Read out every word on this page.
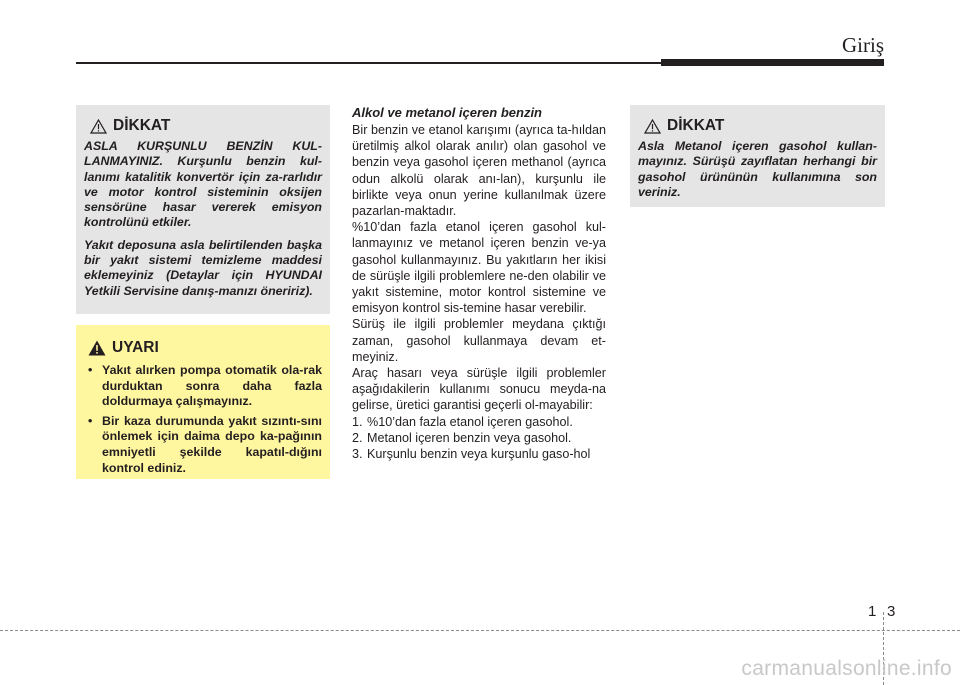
Giriş
DİKKAT

ASLA KURŞUNLU BENZİN KUL-LANMAYINIZ. Kurşunlu benzin kul-lanımı katalitik konvertör için za-rarlıdır ve motor kontrol sisteminin oksijen sensörüne hasar vererek emisyon kontrolünü etkiler.

Yakıt deposuna asla belirtilenden başka bir yakıt sistemi temizleme maddesi eklemeyiniz (Detaylar için HYUNDAI Yetkili Servisine danış-manızı öneririz).

UYARI
• Yakıt alırken pompa otomatik ola-rak durduktan sonra daha fazla doldurmaya çalışmayınız.
• Bir kaza durumunda yakıt sızıntı-sını önlemek için daima depo ka-pağının emniyetli şekilde kapatıl-dığını kontrol ediniz.
Alkol ve metanol içeren benzin

Bir benzin ve etanol karışımı (ayrıca ta-hıldan üretilmiş alkol olarak anılır) olan gasohol ve benzin veya gasohol içeren methanol (ayrıca odun alkolü olarak anı-lan), kurşunlu ile birlikte veya onun yerine kullanılmak üzere pazarlan-maktadır.

%10’dan fazla etanol içeren gasohol kul-lanmayınız ve metanol içeren benzin ve-ya gasohol kullanmayınız. Bu yakıtların her ikisi de sürüşle ilgili problemlere ne-den olabilir ve yakıt sistemine, motor kontrol sistemine ve emisyon kontrol sis-temine hasar verebilir.

Sürüş ile ilgili problemler meydana çıktığı zaman, gasohol kullanmaya devam et-meyiniz.

Araç hasarı veya sürüşle ilgili problemler aşağıdakilerin kullanımı sonucu meyda-na gelirse, üretici garantisi geçerli ol-mayabilir:

1. %10’dan fazla etanol içeren gasohol.
2. Metanol içeren benzin veya gasohol.
3. Kurşunlu benzin veya kurşunlu gaso-hol
DİKKAT

Asla Metanol içeren gasohol kullan-mayınız. Sürüşü zayıflatan herhangi bir gasohol ürününün kullanımına son veriniz.

1 3
carmanualsonline.info
